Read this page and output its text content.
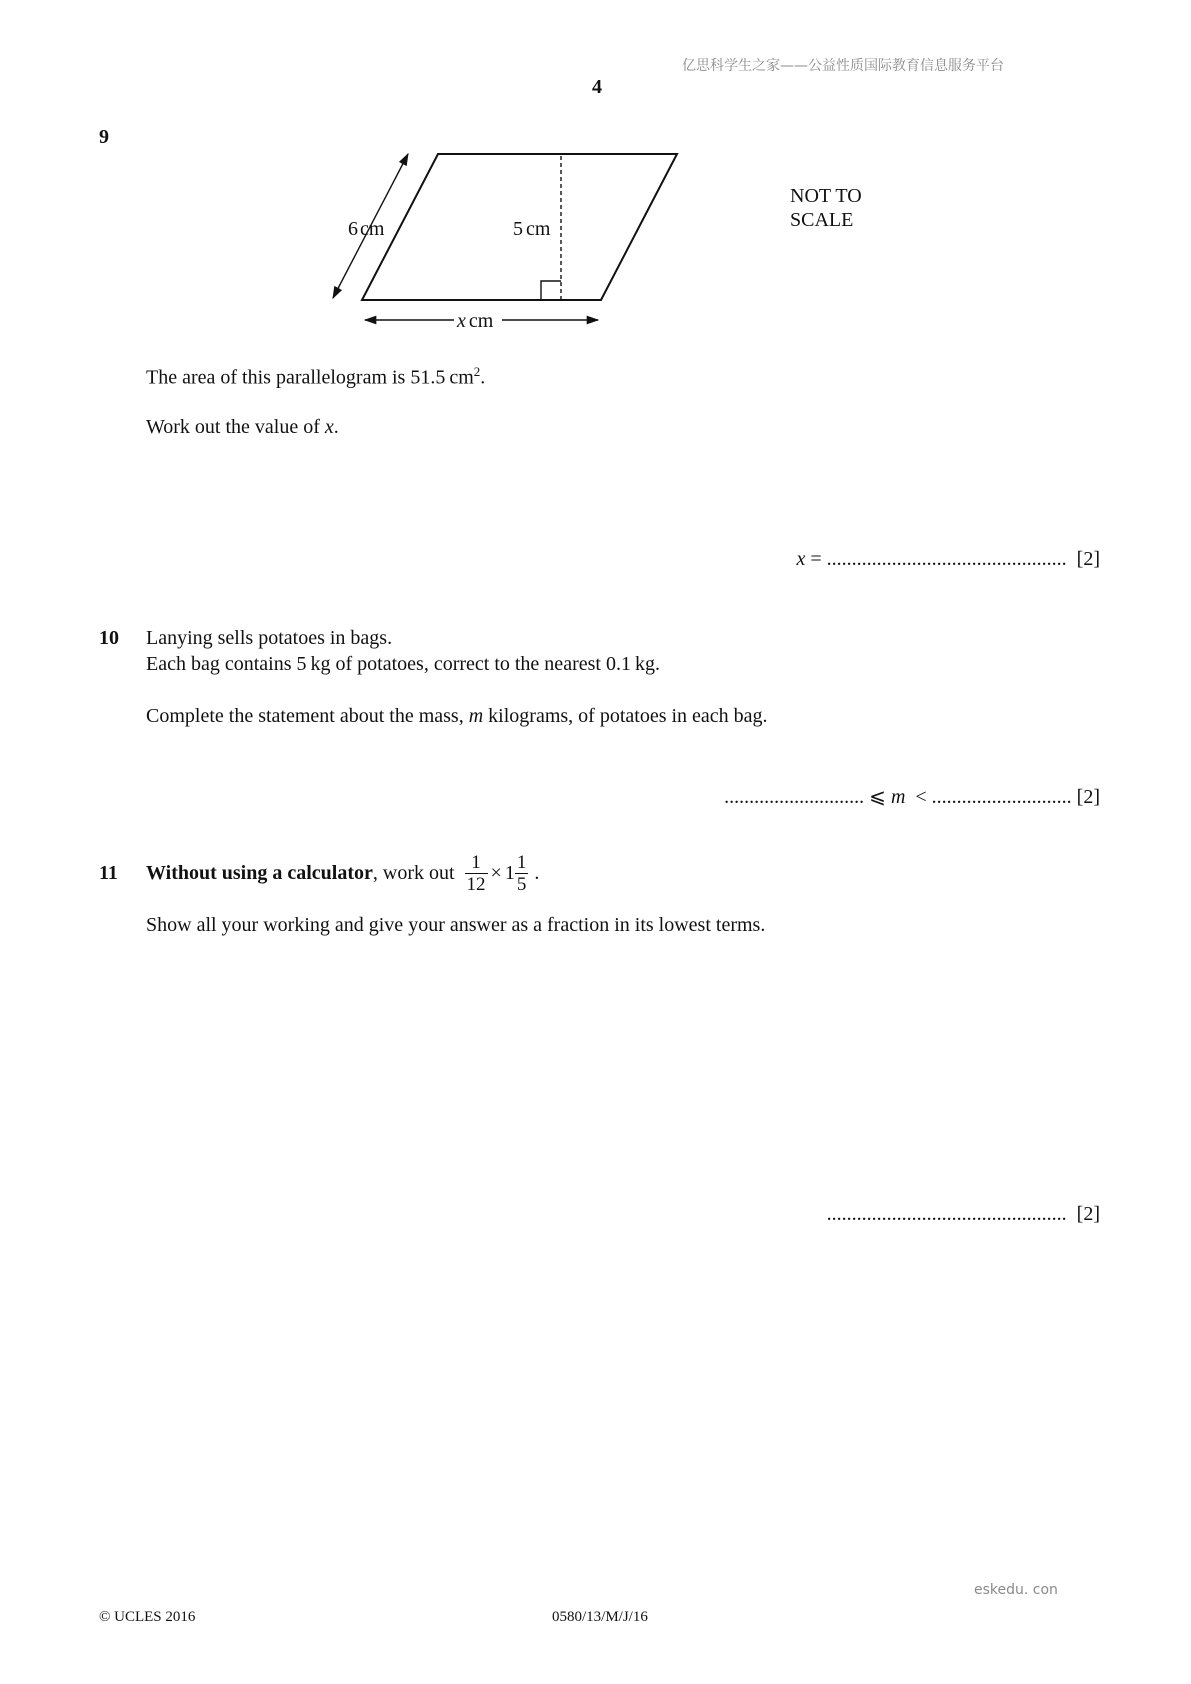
亿思科学生之家——公益性质国际教育信息服务平台
4
9
6 cm	5 cm
x cm
NOT TO
SCALE
The area of this parallelogram is 51.5 $cm^2$.
Work out the value of x.
x = ................................................ [2]
10 Lanying sells potatoes in bags.
Each bag contains 5 kg of potatoes, correct to the nearest 0.1 kg.
Complete the statement about the mass, m kilograms, of potatoes in each bag.
............................ ⩽ m  < ............................ [2]
11 Without using a calculator , work out
$\frac{1}{12} \times 1 \frac{1}{5}$ .
Show all your working and give your answer as a fraction in its lowest terms.
................................................ [2]
eskedu. con
© UCLES 2016	0580/13/M/J/16
